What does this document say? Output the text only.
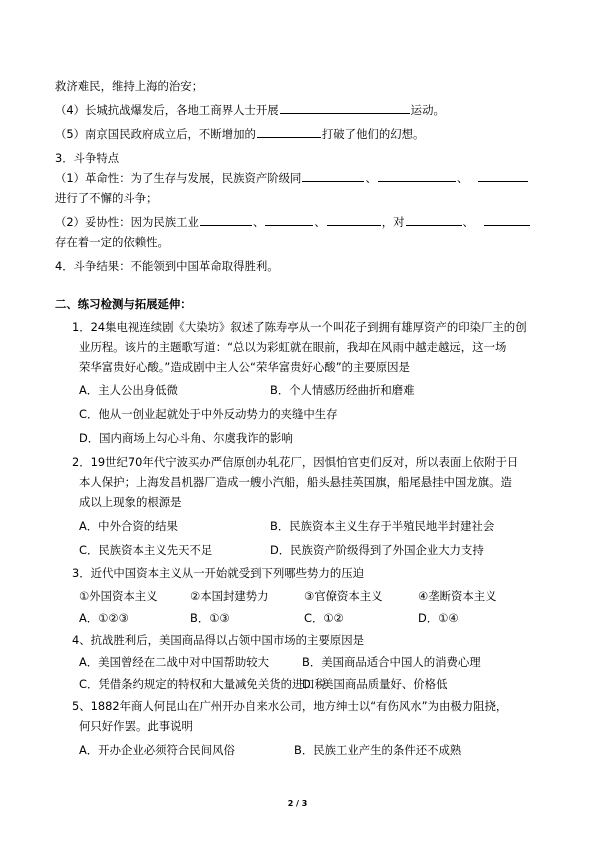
救济难民，维持上海的治安；
（4）长城抗战爆发后，各地工商界人士开展	运动。
（5）南京国民政府成立后，不断增加的	打破了他们的幻想。
3．斗争特点
（1）革命性：为了生存与发展，民族资产阶级同	、	、
进行了不懈的斗争；
（2）妥协性：因为民族工业	、	、	，对	、
存在着一定的依赖性。
4．斗争结果：不能领到中国革命取得胜利。
二、练习检测与拓展延伸：
1．24集电视连续剧《大染坊》叙述了陈寿亭从一个叫花子到拥有雄厚资产的印染厂主的创
业历程。该片的主题歌写道：“总以为彩虹就在眼前，我却在风雨中越走越远，这一场
荣华富贵好心酸。”造成剧中主人公“荣华富贵好心酸”的主要原因是
A．主人公出身低微	B．个人情感历经曲折和磨难
C．他从一创业起就处于中外反动势力的夹缝中生存
D．国内商场上勾心斗角、尔虞我诈的影响
2．19世纪70年代宁波买办严信原创办轧花厂，因惧怕官吏们反对，所以表面上依附于日
本人保护；上海发昌机器厂造成一艘小汽船，船头悬挂英国旗，船尾悬挂中国龙旗。造
成以上现象的根源是
A．中外合资的结果	B．民族资本主义生存于半殖民地半封建社会
C．民族资本主义先天不足	D．民族资产阶级得到了外国企业大力支持
3．近代中国资本主义从一开始就受到下列哪些势力的压迫
①外国资本主义	②本国封建势力	③官僚资本主义	④垄断资本主义
A．①②③	B．①③	C．①②	D．①④
4、抗战胜利后，美国商品得以占领中国市场的主要原因是
A．美国曾经在二战中对中国帮助较大	B．美国商品适合中国人的消费心理
C．凭借条约规定的特权和大量减免关货的进口税
D．美国商品质量好、价格低
5、1882年商人何昆山在广州开办自来水公司，地方绅士以“有伤风水”为由极力阻挠，
何只好作罢。此事说明
A．开办企业必须符合民间风俗	B．民族工业产生的条件还不成熟
2 / 3
